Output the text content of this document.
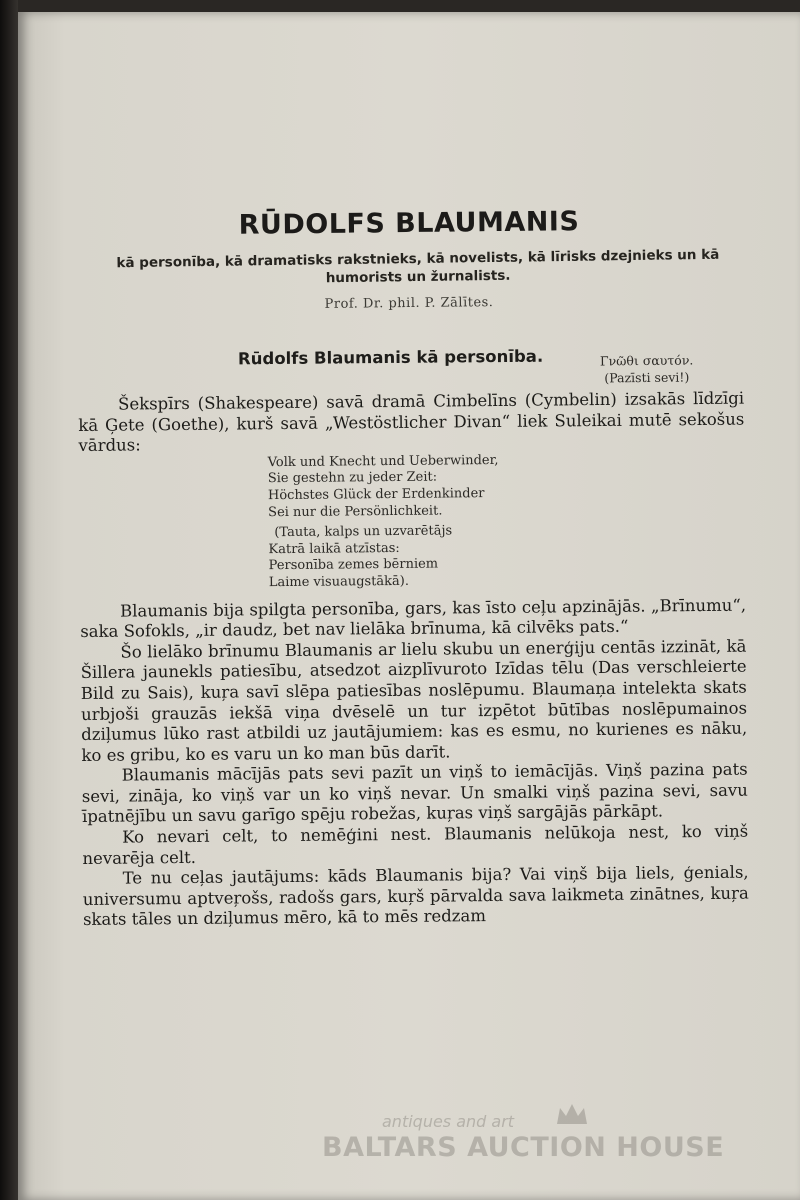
RŪDOLFS BLAUMANIS
kā personība, kā dramatisks rakstnieks, kā novelists, kā līrisks dzejnieks un kā humorists un žurnalists.
Prof. Dr. phil. P. Zālītes.
Rūdolfs Blaumanis kā personība.	Γνῶθι σαυτόν.
(Pazīsti sevi!)

Šekspīrs (Shakespeare) savā dramā Cimbelīns (Cymbelin) izsakās līdzīgi kā Ģete (Goethe), kurš savā „Westöstlicher Divan“ liek Suleikai mutē sekošus vārdus:

Volk und Knecht und Ueberwinder,
Sie gestehn zu jeder Zeit:
Höchstes Glück der Erdenkinder
Sei nur die Persönlichkeit.
(Tauta, kalps un uzvarētājs
Katrā laikā atzīstas:
Personība zemes bērniem
Laime visuaugstākā).

Blaumanis bija spilgta personība, gars, kas īsto ceļu apzinājās. „Brīnumu“, saka Sofokls, „ir daudz, bet nav lielāka brīnuma, kā cilvēks pats.“

Šo lielāko brīnumu Blaumanis ar lielu skubu un enerģiju centās izzināt, kā Šillera jaunekls patiesību, atsedzot aizplīvuroto Izīdas tēlu (Das verschleierte Bild zu Sais), kuŗa savī slēpa patiesības noslēpumu. Blaumaņa intelekta skats urbjoši grauzās iekšā viņa dvēselē un tur izpētot būtības noslēpumainos dziļumus lūko rast atbildi uz jautājumiem: kas es esmu, no kurienes es nāku, ko es gribu, ko es varu un ko man būs darīt.

Blaumanis mācījās pats sevi pazīt un viņš to iemācījās. Viņš pazina pats sevi, zināja, ko viņš var un ko viņš nevar. Un smalki viņš pazina sevi, savu īpatnējību un savu garīgo spēju robežas, kuŗas viņš sargājās pārkāpt.

Ko nevari celt, to nemēģini nest. Blaumanis nelūkoja nest, ko viņš nevarēja celt.

Te nu ceļas jautājums: kāds Blaumanis bija? Vai viņš bija liels, ģenials, universumu aptveŗošs, radošs gars, kuŗš pārvalda sava laikmeta zinātnes, kuŗa skats tāles un dziļumus mēro, kā to mēs redzam

antiques and art
BALTARS AUCTION HOUSE
